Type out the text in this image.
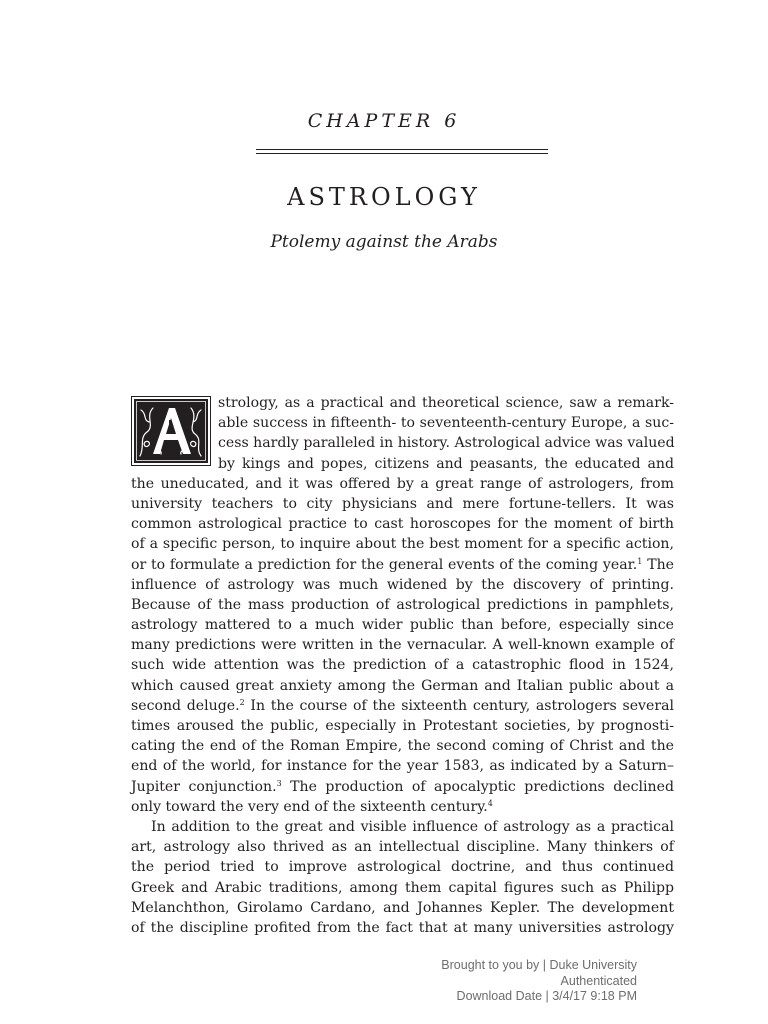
CHAPTER 6
ASTROLOGY
Ptolemy against the Arabs
strology, as a practical and theoretical science, saw a remark-
able success in fifteenth- to seventeenth-century Europe, a suc-
cess hardly paralleled in history. Astrological advice was valued
by kings and popes, citizens and peasants, the educated and
the uneducated, and it was offered by a great range of astrologers, from
university teachers to city physicians and mere fortune-tellers. It was
common astrological practice to cast horoscopes for the moment of birth
of a specific person, to inquire about the best moment for a specific action,
or to formulate a prediction for the general events of the coming year.$^1$ The
influence of astrology was much widened by the discovery of printing.
Because of the mass production of astrological predictions in pamphlets,
astrology mattered to a much wider public than before, especially since
many predictions were written in the vernacular. A well-known example of
such wide attention was the prediction of a catastrophic flood in 1524,
which caused great anxiety among the German and Italian public about a
second deluge.$^2$ In the course of the sixteenth century, astrologers several
times aroused the public, especially in Protestant societies, by prognosti-
cating the end of the Roman Empire, the second coming of Christ and the
end of the world, for instance for the year 1583, as indicated by a Saturn–
Jupiter conjunction.$^3$ The production of apocalyptic predictions declined
only toward the very end of the sixteenth century.$^4$
In addition to the great and visible influence of astrology as a practical
art, astrology also thrived as an intellectual discipline. Many thinkers of
the period tried to improve astrological doctrine, and thus continued
Greek and Arabic traditions, among them capital figures such as Philipp
Melanchthon, Girolamo Cardano, and Johannes Kepler. The development
of the discipline profited from the fact that at many universities astrology
Brought to you by | Duke University
Authenticated
Download Date | 3/4/17 9:18 PM
